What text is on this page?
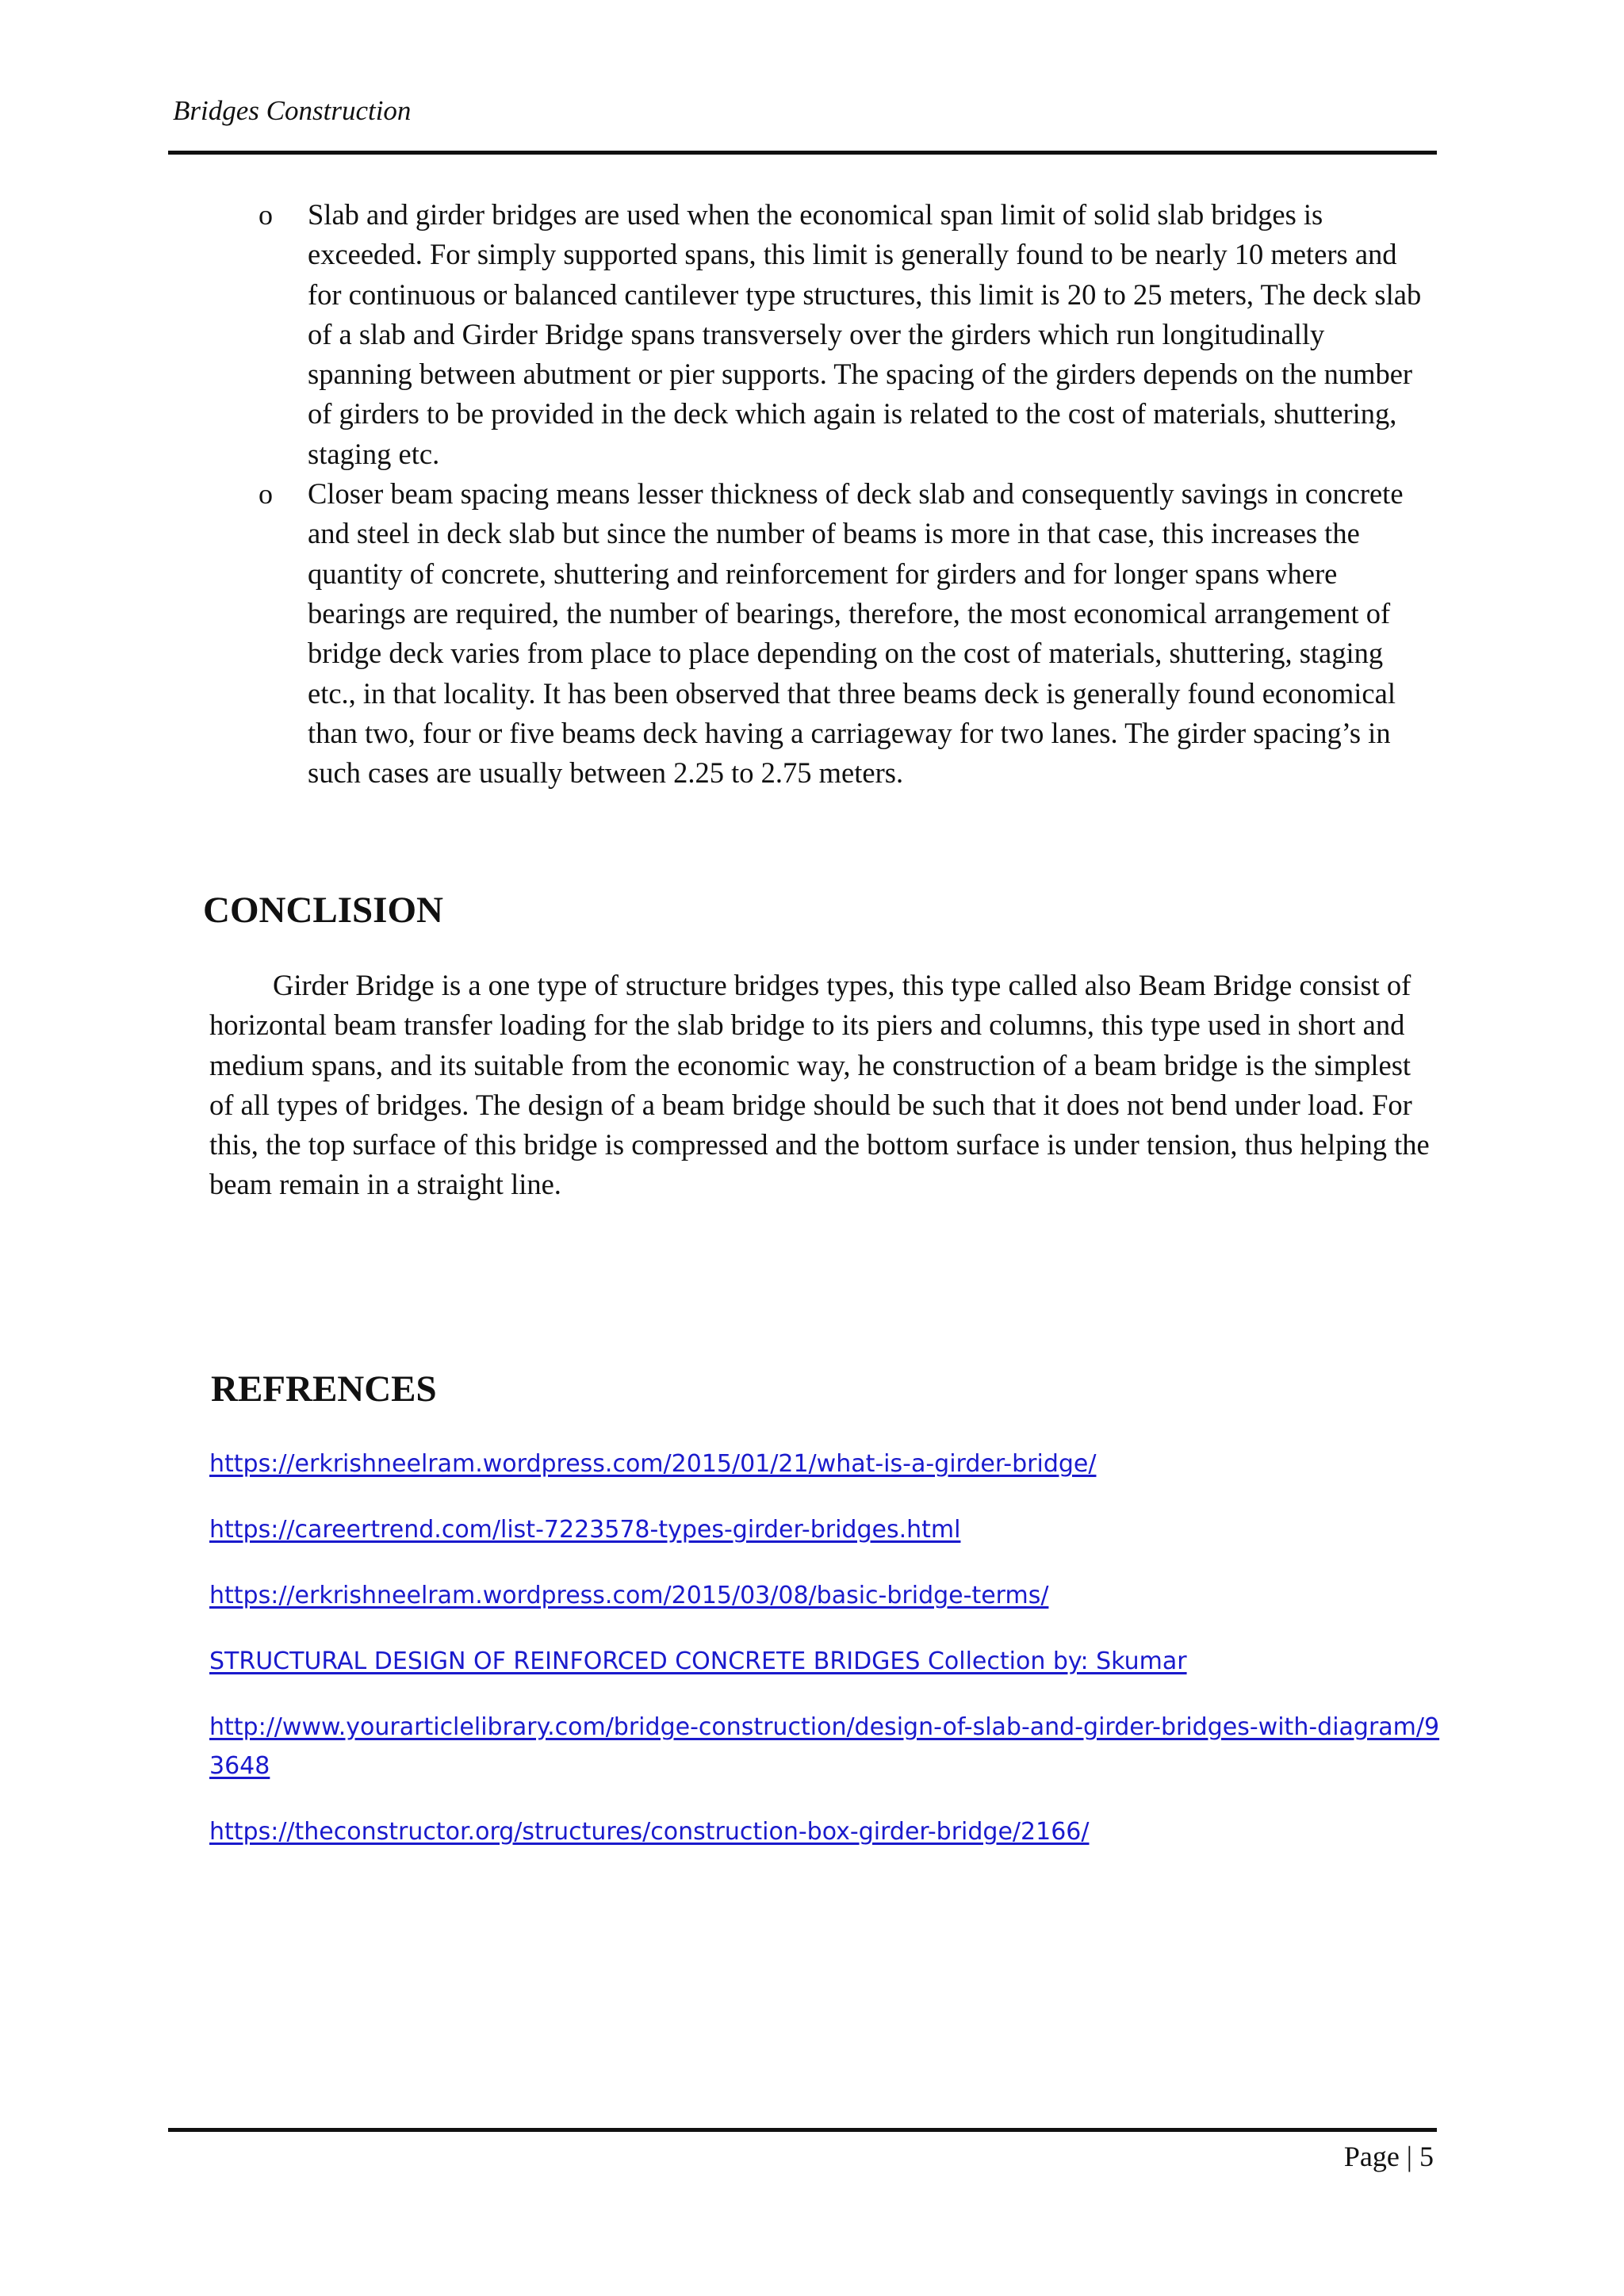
Bridges Construction
o Slab and girder bridges are used when the economical span limit of solid slab bridges is exceeded. For simply supported spans, this limit is generally found to be nearly 10 meters and for continuous or balanced cantilever type structures, this limit is 20 to 25 meters, The deck slab of a slab and Girder Bridge spans transversely over the girders which run longitudinally spanning between abutment or pier supports. The spacing of the girders depends on the number of girders to be provided in the deck which again is related to the cost of materials, shuttering, staging etc.
o Closer beam spacing means lesser thickness of deck slab and consequently savings in concrete and steel in deck slab but since the number of beams is more in that case, this increases the quantity of concrete, shuttering and reinforcement for girders and for longer spans where bearings are required, the number of bearings, therefore, the most economical arrangement of bridge deck varies from place to place depending on the cost of materials, shuttering, staging etc., in that locality. It has been observed that three beams deck is generally found economical than two, four or five beams deck having a carriageway for two lanes. The girder spacing’s in such cases are usually between 2.25 to 2.75 meters.
CONCLISION

Girder Bridge is a one type of structure bridges types, this type called also Beam Bridge consist of horizontal beam transfer loading for the slab bridge to its piers and columns, this type used in short and medium spans, and its suitable from the economic way, he construction of a beam bridge is the simplest of all types of bridges. The design of a beam bridge should be such that it does not bend under load. For this, the top surface of this bridge is compressed and the bottom surface is under tension, thus helping the beam remain in a straight line.

REFRENCES
https://erkrishneelram.wordpress.com/2015/01/21/what-is-a-girder-bridge/
https://careertrend.com/list-7223578-types-girder-bridges.html
https://erkrishneelram.wordpress.com/2015/03/08/basic-bridge-terms/
STRUCTURAL DESIGN OF REINFORCED CONCRETE BRIDGES Collection by: Skumar
http://www.yourarticlelibrary.com/bridge-construction/design-of-slab-and-girder-bridges-with-diagram/93648
https://theconstructor.org/structures/construction-box-girder-bridge/2166/
Page | 5
